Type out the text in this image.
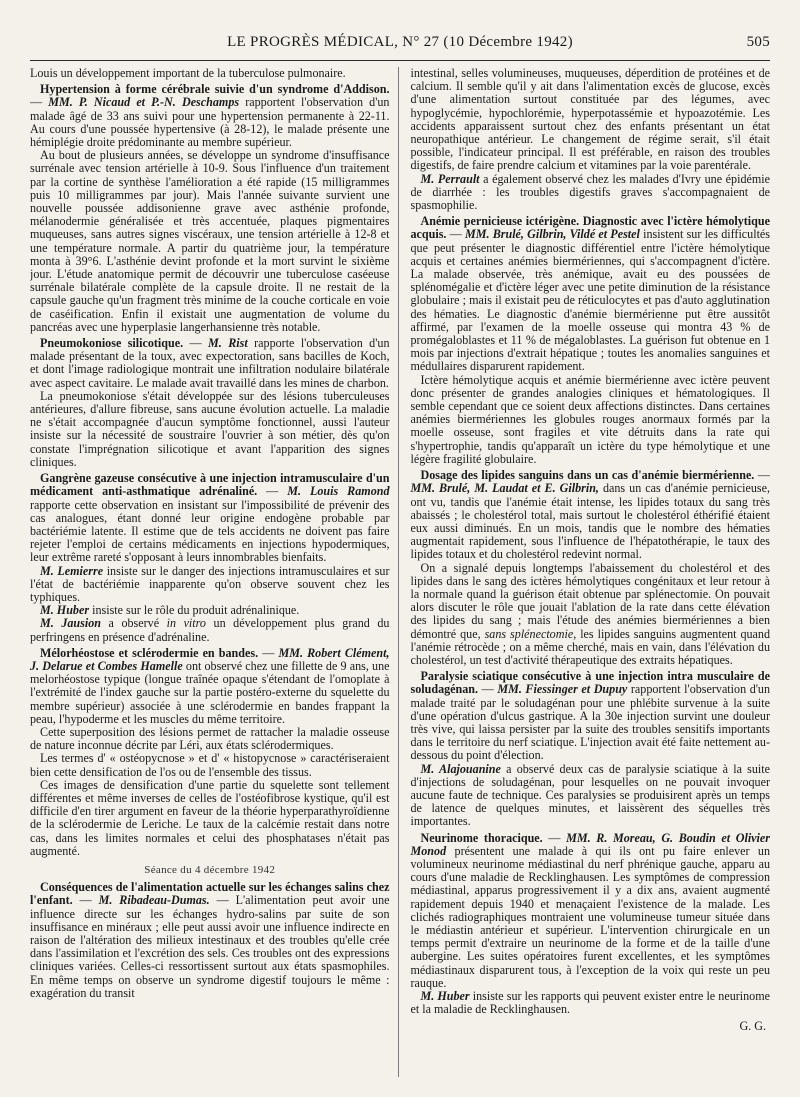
LE PROGRÈS MÉDICAL, N° 27 (10 Décembre 1942)	505

Louis un développement important de la tuberculose pulmonaire.

Hypertension à forme cérébrale suivie d'un syndrome d'Addison. — MM. P. Nicaud et P.-N. Deschamps rapportent l'observation d'un malade âgé de 33 ans suivi pour une hypertension permanente à 22-11. Au cours d'une poussée hypertensive (à 28-12), le malade présente une hémiplégie droite prédominante au membre supérieur.

Au bout de plusieurs années, se développe un syndrome d'insuffisance surrénale avec tension artérielle à 10-9. Sous l'influence d'un traitement par la cortine de synthèse l'amélioration a été rapide (15 milligrammes puis 10 milligrammes par jour). Mais l'année suivante survient une nouvelle poussée addisonienne grave avec asthénie profonde, mélanodermie généralisée et très accentuée, plaques pigmentaires muqueuses, sans autres signes viscéraux, une tension artérielle à 12-8 et une température normale. A partir du quatrième jour, la température monta à 39°6. L'asthénie devint profonde et la mort survint le sixième jour. L'étude anatomique permit de découvrir une tuberculose caséeuse surrénale bilatérale complète de la capsule droite. Il ne restait de la capsule gauche qu'un fragment très minime de la couche corticale en voie de caséification. Enfin il existait une augmentation de volume du pancréas avec une hyperplasie langerhansienne très notable.

Pneumokoniose silicotique. — M. Rist rapporte l'observation d'un malade présentant de la toux, avec expectoration, sans bacilles de Koch, et dont l'image radiologique montrait une infiltration nodulaire bilatérale avec aspect cavitaire. Le malade avait travaillé dans les mines de charbon.

La pneumokoniose s'était développée sur des lésions tuberculeuses antérieures, d'allure fibreuse, sans aucune évolution actuelle. La maladie ne s'était accompagnée d'aucun symptôme fonctionnel, aussi l'auteur insiste sur la nécessité de soustraire l'ouvrier à son métier, dès qu'on constate l'imprégnation silicotique et avant l'apparition des signes cliniques.

Gangrène gazeuse consécutive à une injection intramusculaire d'un médicament anti-asthmatique adrénaliné. — M. Louis Ramond rapporte cette observation en insistant sur l'impossibilité de prévenir des cas analogues, étant donné leur origine endogène probable par bactériémie latente. Il estime que de tels accidents ne doivent pas faire rejeter l'emploi de certains médicaments en injections hypodermiques, leur extrême rareté s'opposant à leurs innombrables bienfaits.

M. Lemierre insiste sur le danger des injections intramusculaires et sur l'état de bactériémie inapparente qu'on observe souvent chez les typhiques.

M. Huber insiste sur le rôle du produit adrénalinique.

M. Jausion a observé in vitro un développement plus grand du perfringens en présence d'adrénaline.

Mélorhéostose et sclérodermie en bandes. — MM. Robert Clément, J. Delarue et Combes Hamelle ont observé chez une fillette de 9 ans, une melorhéostose typique (longue traînée opaque s'étendant de l'omoplate à l'extrémité de l'index gauche sur la partie postéro-externe du squelette du membre supérieur) associée à une sclérodermie en bandes frappant la peau, l'hypoderme et les muscles du même territoire.

Cette superposition des lésions permet de rattacher la maladie osseuse de nature inconnue décrite par Léri, aux états sclérodermiques.

Les termes d' « ostéopycnose » et d' « histopycnose » caractériseraient bien cette densification de l'os ou de l'ensemble des tissus.

Ces images de densification d'une partie du squelette sont tellement différentes et même inverses de celles de l'ostéofibrose kystique, qu'il est difficile d'en tirer argument en faveur de la théorie hyperparathyroïdienne de la sclérodermie de Leriche. Le taux de la calcémie restait dans notre cas, dans les limites normales et celui des phosphatases n'était pas augmenté.

Séance du 4 décembre 1942

Conséquences de l'alimentation actuelle sur les échanges salins chez l'enfant. — M. Ribadeau-Dumas. — L'alimentation peut avoir une influence directe sur les échanges hydro-salins par suite de son insuffisance en minéraux ; elle peut aussi avoir une influence indirecte en raison de l'altération des milieux intestinaux et des troubles qu'elle crée dans l'assimilation et l'excrétion des sels. Ces troubles ont des expressions cliniques variées. Celles-ci ressortissent surtout aux états spasmophiles. En même temps on observe un syndrome digestif toujours le même : exagération du transit

intestinal, selles volumineuses, muqueuses, déperdition de protéines et de calcium. Il semble qu'il y ait dans l'alimentation excès de glucose, excès d'une alimentation surtout constituée par des légumes, avec hypoglycémie, hypochlorémie, hyperpotassémie et hypoazotémie. Les accidents apparaissent surtout chez des enfants présentant un état neuropathique antérieur. Le changement de régime serait, s'il était possible, l'indicateur principal. Il est préférable, en raison des troubles digestifs, de faire prendre calcium et vitamines par la voie parentérale.

M. Perrault a également observé chez les malades d'Ivry une épidémie de diarrhée : les troubles digestifs graves s'accompagnaient de spasmophilie.

Anémie pernicieuse ictérigène. Diagnostic avec l'ictère hémolytique acquis. — MM. Brulé, Gilbrin, Vildé et Pestel insistent sur les difficultés que peut présenter le diagnostic différentiel entre l'ictère hémolytique acquis et certaines anémies biermériennes, qui s'accompagnent d'ictère. La malade observée, très anémique, avait eu des poussées de splénomégalie et d'ictère léger avec une petite diminution de la résistance globulaire ; mais il existait peu de réticulocytes et pas d'auto agglutination des hématies. Le diagnostic d'anémie biermérienne put être aussitôt affirmé, par l'examen de la moelle osseuse qui montra 43 % de promégaloblastes et 11 % de mégaloblastes. La guérison fut obtenue en 1 mois par injections d'extrait hépatique ; toutes les anomalies sanguines et médullaires disparurent rapidement.

Ictère hémolytique acquis et anémie biermérienne avec ictère peuvent donc présenter de grandes analogies cliniques et hématologiques. Il semble cependant que ce soient deux affections distinctes. Dans certaines anémies biermériennes les globules rouges anormaux formés par la moelle osseuse, sont fragiles et vite détruits dans la rate qui s'hypertrophie, tandis qu'apparaît un ictère du type hémolytique et une légère fragilité globulaire.

Dosage des lipides sanguins dans un cas d'anémie biermérienne. — MM. Brulé, M. Laudat et E. Gilbrin, dans un cas d'anémie pernicieuse, ont vu, tandis que l'anémie était intense, les lipides totaux du sang très abaissés ; le cholestérol total, mais surtout le cholestérol éthérifié étaient eux aussi diminués. En un mois, tandis que le nombre des hématies augmentait rapidement, sous l'influence de l'hépatothérapie, le taux des lipides totaux et du cholestérol redevint normal.

On a signalé depuis longtemps l'abaissement du cholestérol et des lipides dans le sang des ictères hémolytiques congénitaux et leur retour à la normale quand la guérison était obtenue par splénectomie. On pouvait alors discuter le rôle que jouait l'ablation de la rate dans cette élévation des lipides du sang ; mais l'étude des anémies biermériennes a bien démontré que, sans splénectomie, les lipides sanguins augmentent quand l'anémie rétrocède ; on a même cherché, mais en vain, dans l'élévation du cholestérol, un test d'activité thérapeutique des extraits hépatiques.

Paralysie sciatique consécutive à une injection intra musculaire de soludagénan. — MM. Fiessinger et Dupuy rapportent l'observation d'un malade traité par le soludagénan pour une phlébite survenue à la suite d'une opération d'ulcus gastrique. A la 30e injection survint une douleur très vive, qui laissa persister par la suite des troubles sensitifs importants dans le territoire du nerf sciatique. L'injection avait été faite nettement au-dessous du point d'élection.

M. Alajouanine a observé deux cas de paralysie sciatique à la suite d'injections de soludagénan, pour lesquelles on ne pouvait invoquer aucune faute de technique. Ces paralysies se produisirent après un temps de latence de quelques minutes, et laissèrent des séquelles très importantes.

Neurinome thoracique. — MM. R. Moreau, G. Boudin et Olivier Monod présentent une malade à qui ils ont pu faire enlever un volumineux neurinome médiastinal du nerf phrénique gauche, apparu au cours d'une maladie de Recklinghausen. Les symptômes de compression médiastinal, apparus progressivement il y a dix ans, avaient augmenté rapidement depuis 1940 et menaçaient l'existence de la malade. Les clichés radiographiques montraient une volumineuse tumeur située dans le médiastin antérieur et supérieur. L'intervention chirurgicale en un temps permit d'extraire un neurinome de la forme et de la taille d'une aubergine. Les suites opératoires furent excellentes, et les symptômes médiastinaux disparurent tous, à l'exception de la voix qui reste un peu rauque.

M. Huber insiste sur les rapports qui peuvent exister entre le neurinome et la maladie de Recklinghausen.

G. G.
